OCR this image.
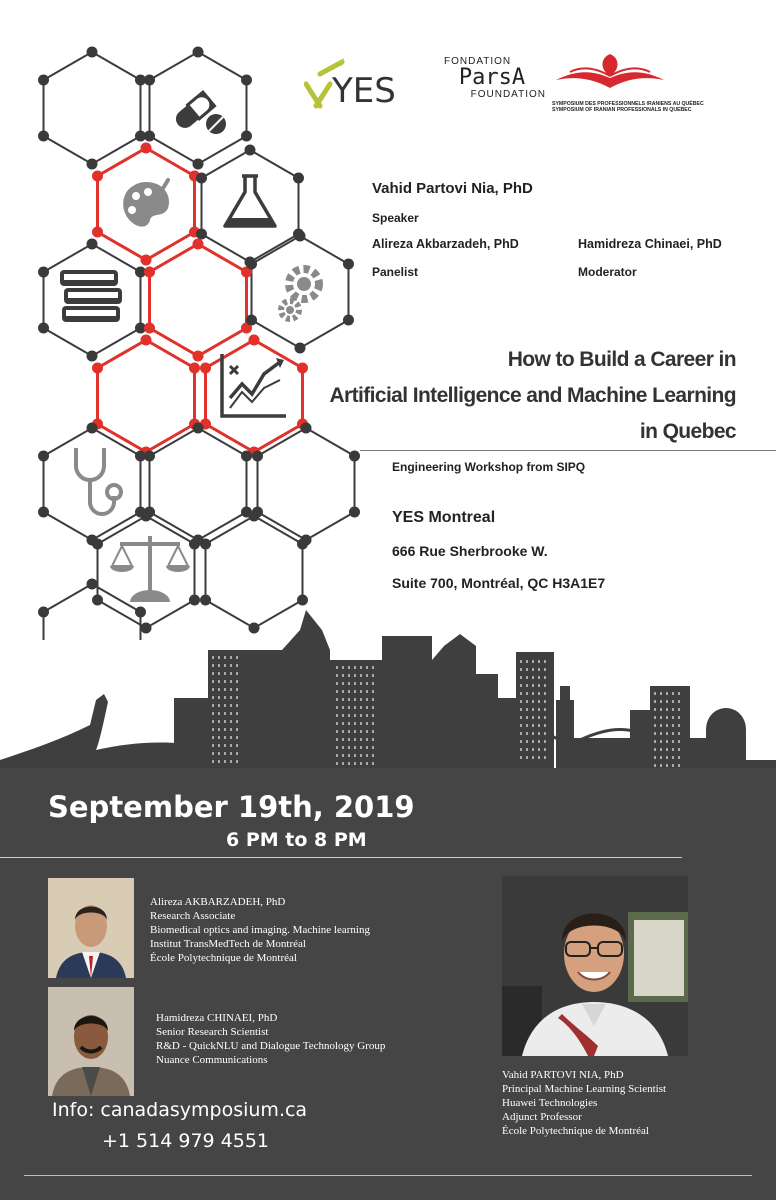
YES
FONDATION
ParsA
FOUNDATION
SYMPOSIUM DES PROFESSIONNELS IRANIENS AU QUÉBEC
SYMPOSIUM OF IRANIAN PROFESSIONALS IN QUEBEC
Vahid Partovi Nia, PhD
Speaker
Alireza Akbarzadeh, PhD	Hamidreza Chinaei, PhD
Panelist	Moderator
How to Build a Career in
Artificial Intelligence and Machine Learning
in Quebec
Engineering Workshop from SIPQ
YES Montreal
666 Rue Sherbrooke W.
Suite 700, Montréal, QC H3A1E7
September 19th, 2019
6 PM to 8 PM
Alireza AKBARZADEH, PhD
Research Associate
Biomedical optics and imaging. Machine learning
Institut TransMedTech de Montréal
École Polytechnique de Montréal
Hamidreza CHINAEI, PhD
Senior Research Scientist
R&D - QuickNLU and Dialogue Technology Group
Nuance Communications
Vahid PARTOVI NIA, PhD
Principal Machine Learning Scientist
Huawei Technologies
Adjunct Professor
École Polytechnique de Montréal
Info: canadasymposium.ca
+1 514 979 4551
